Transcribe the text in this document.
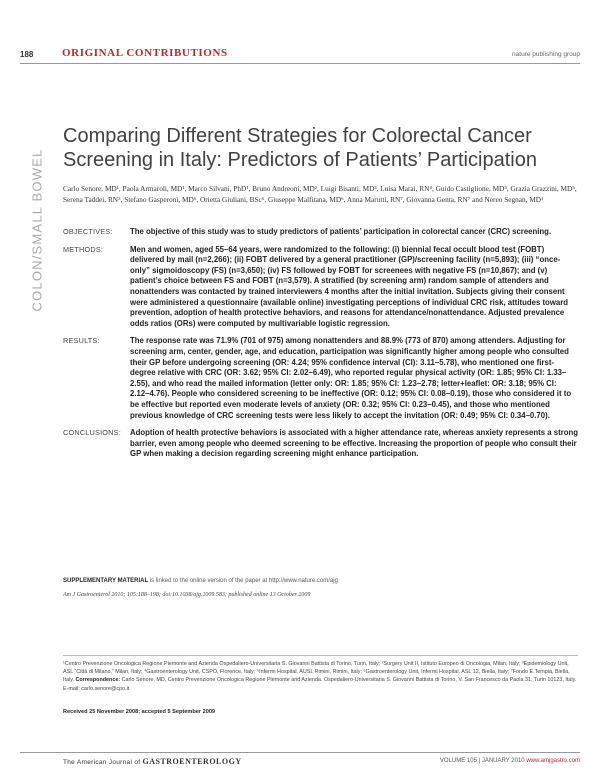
188	ORIGINAL CONTRIBUTIONS	nature publishing group
COLON/SMALL BOWEL
Comparing Different Strategies for Colorectal Cancer Screening in Italy: Predictors of Patients’ Participation
Carlo Senore, MD¹, Paola Armaroli, MD¹, Marco Silvani, PhD¹, Bruno Andreoni, MD², Luigi Bisanti, MD³, Luisa Marai, RN⁴, Guido Castiglione, MD⁵, Grazia Grazzini, MD⁵, Serena Taddei, RN⁵, Stefano Gasperoni, MD⁶, Orietta Giuliani, BSc⁶, Giuseppe Malfitana, MD⁶, Anna Marutti, RN⁷, Giovanna Genta, RN⁷ and Nereo Segnan, MD¹
OBJECTIVES:	The objective of this study was to study predictors of patients’ participation in colorectal cancer (CRC) screening.
METHODS:	Men and women, aged 55–64 years, were randomized to the following: (i) biennial fecal occult blood test (FOBT) delivered by mail (n=2,266); (ii) FOBT delivered by a general practitioner (GP)/screening facility (n=5,893); (iii) “once-only” sigmoidoscopy (FS) (n=3,650); (iv) FS followed by FOBT for screenees with negative FS (n=10,867); and (v) patient’s choice between FS and FOBT (n=3,579). A stratified (by screening arm) random sample of attenders and nonattenders was contacted by trained interviewers 4 months after the initial invitation. Subjects giving their consent were administered a questionnaire (available online) investigating perceptions of individual CRC risk, attitudes toward prevention, adoption of health protective behaviors, and reasons for attendance/nonattendance. Adjusted prevalence odds ratios (ORs) were computed by multivariable logistic regression.
RESULTS:	The response rate was 71.9% (701 of 975) among nonattenders and 88.9% (773 of 870) among attenders. Adjusting for screening arm, center, gender, age, and education, participation was significantly higher among people who consulted their GP before undergoing screening (OR: 4.24; 95% confidence interval (CI): 3.11–5.78), who mentioned one first-degree relative with CRC (OR: 3.62; 95% CI: 2.02–6.49), who reported regular physical activity (OR: 1.85; 95% CI: 1.33–2.55), and who read the mailed information (letter only: OR: 1.85; 95% CI: 1.23–2.78; letter+leaflet: OR: 3.18; 95% CI: 2.12–4.76). People who considered screening to be ineffective (OR: 0.12; 95% CI: 0.08–0.19), those who considered it to be effective but reported even moderate levels of anxiety (OR: 0.32; 95% CI: 0.23–0.45), and those who mentioned previous knowledge of CRC screening tests were less likely to accept the invitation (OR: 0.49; 95% CI: 0.34–0.70).
CONCLUSIONS:	Adoption of health protective behaviors is associated with a higher attendance rate, whereas anxiety represents a strong barrier, even among people who deemed screening to be effective. Increasing the proportion of people who consult their GP when making a decision regarding screening might enhance participation.
SUPPLEMENTARY MATERIAL is linked to the online version of the paper at http://www.nature.com/ajg
Am J Gastroenterol 2010; 105:188–198; doi:10.1038/ajg.2009.583; published online 13 October 2009
¹Centro Prevenzione Oncologica Regione Piemonte and Azienda Ospedaliero-Universitaria S. Giovanni Battista di Torino, Turin, Italy; ²Surgery Unit II, Istituto Europeo di Oncologia, Milan, Italy; ³Epidemiology Unit, ASL “Città di Milano,” Milan, Italy; ⁴Gastroenterology Unit, CSPO, Florence, Italy; ⁵Infermi Hospital, AUSL Rimini, Rimini, Italy; ⁶Gastroenterology Unit, Infermi Hospital, ASL 12, Biella, Italy; ⁷Fondo E.Tempia, Biella, Italy. Correspondence: Carlo Senore, MD, Centro Prevenzione Oncologica Regione Piemonte and Azienda. Ospedaliero-Universitaria S. Giovanni Battista di Torino, V. San Francesco da Paola 31, Turin 10123, Italy. E-mail: carlo.senore@cpo.it
Received 25 November 2008; accepted 5 September 2009
The American Journal of GASTROENTEROLOGY	VOLUME 105 | JANUARY 2010 www.amjgastro.com
